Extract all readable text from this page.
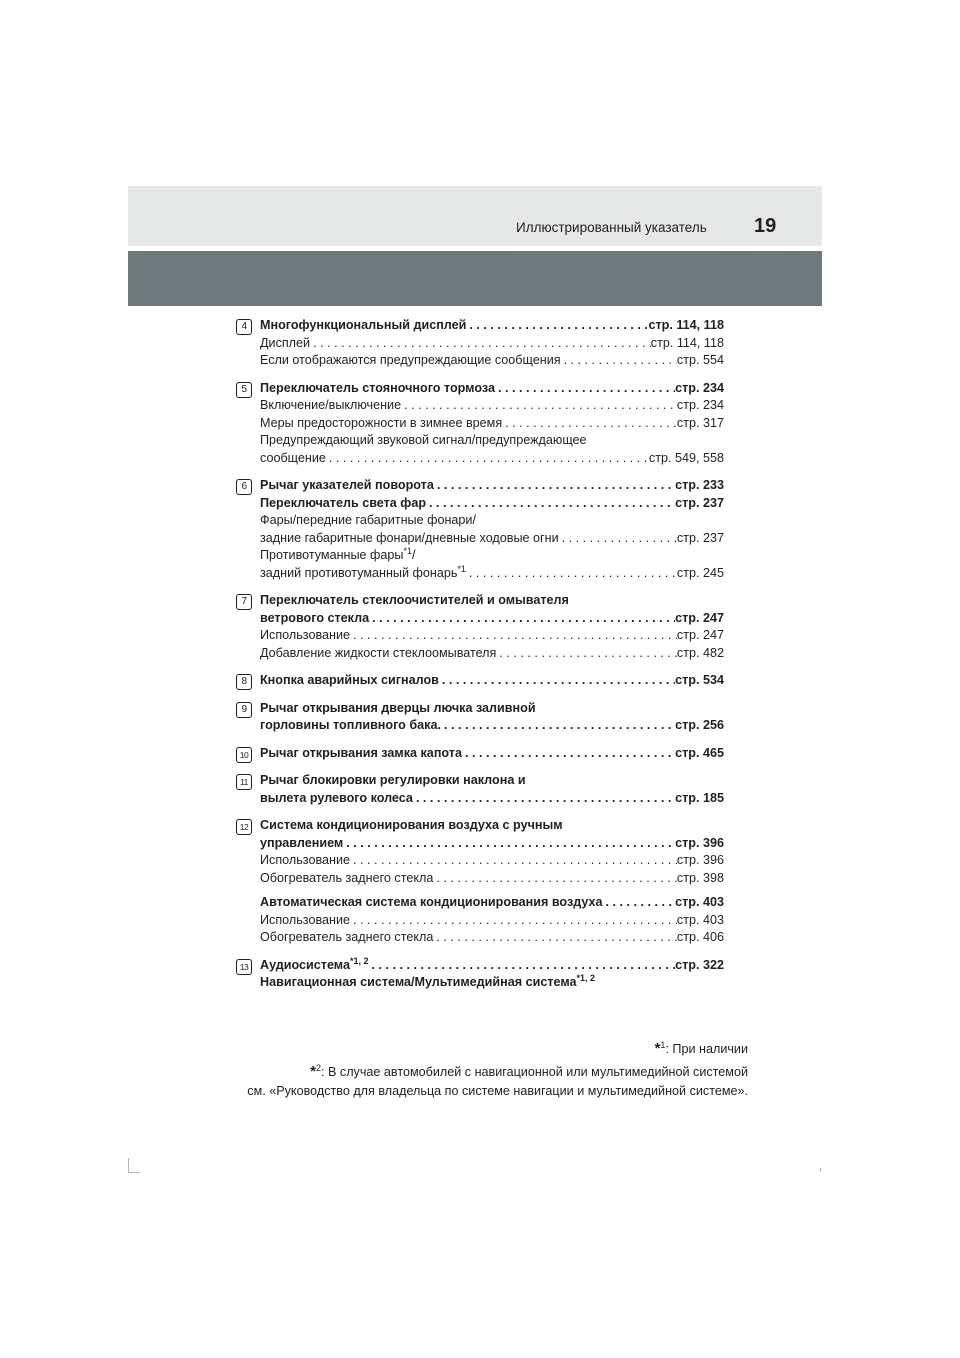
Иллюстрированный указатель 19
4	Многофункциональный дисплей . . .	стр. 114, 118
Дисплей . . .	стр. 114, 118
Если отображаются предупреждающие сообщения . . .	стр. 554
5	Переключатель стояночного тормоза . . .	стр. 234
Включение/выключение . . .	стр. 234
Меры предосторожности в зимнее время . . .	стр. 317
Предупреждающий звуковой сигнал/предупреждающее
сообщение . . .	стр. 549, 558
6	Рычаг указателей поворота . . .	стр. 233
Переключатель света фар . . .	стр. 237
Фары/передние габаритные фонари/
задние габаритные фонари/дневные ходовые огни . . .	стр. 237
Противотуманные фары$^{*1}$/
задний противотуманный фонарь$^{*1}$ . . .	стр. 245
7	Переключатель стеклоочистителей и омывателя
ветрового стекла . . .	стр. 247
Использование . . .	стр. 247
Добавление жидкости стеклоомывателя . . .	стр. 482
8	Кнопка аварийных сигналов . . .	стр. 534
9	Рычаг открывания дверцы лючка заливной
горловины топливного бака. . . .	стр. 256
10 Рычаг открывания замка капота . . .	стр. 465
11 Рычаг блокировки регулировки наклона и
вылета рулевого колеса . . .	стр. 185
12 Система кондиционирования воздуха с ручным
управлением . . .	стр. 396
Использование . . .	стр. 396
Обогреватель заднего стекла . . .	стр. 398
Автоматическая система кондиционирования воздуха . . .	стр. 403
Использование . . .	стр. 403
Обогреватель заднего стекла . . .	стр. 406
13 Аудиосистема$^{*1, 2}$ . . .	стр. 322
Навигационная система/Мультимедийная система$^{*1, 2}$
*$^1$: При наличии
*$^2$: В случае автомобилей с навигационной или мультимедийной системой
см. «Руководство для владельца по системе навигации и мультимедийной системе».
